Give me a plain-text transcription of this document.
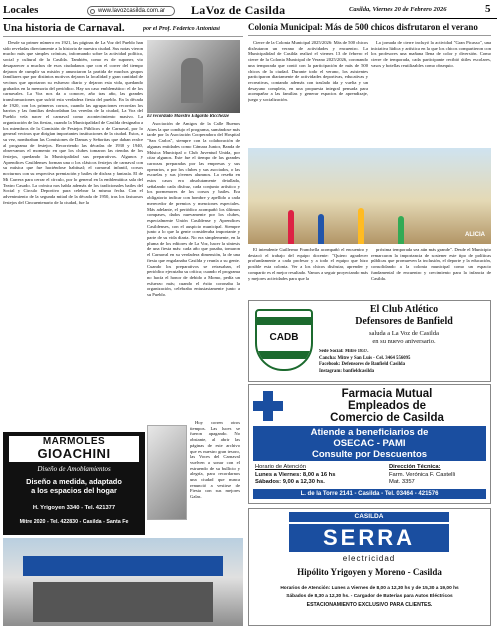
Locales	www.lavozcasilda.com.ar	LaVoz de Casilda	Casilda, Viernes 20 de Febrero 2026	5
Una historia de Carnaval.	por el Prof. Federico Antoniasi

Desde su primer número en 1921, las páginas de La Voz del Pueblo han sido reveladas directamente a la historia de nuestra ciudad. Sus notas vieron mucho más que simples crónicas, informando sobre la actividad política, social y cultural de la Casilda. También, como es de suponer, vio desaparecer a muchos de esos ciudadanos que con el correr del tiempo dejaron de cumplir su misión y anunciaron la partida de muchos grupos familiares que por distintos motivos dejaron la localidad y gran cantidad de vecinos que aportaron su esfuerzo diario y dejaron esta vida, quedando grabados en la memoria del periódico. Hay un caso emblemático: el de los carnavales. La Voz nos da a conocer, año tras año, las grandes transformaciones que sufrió esta verdadera fiesta del pueblo. En la década de 1920, con los primeros corsos, cuando las agrupaciones recorrían los barrios y las familias desbordaban las veredas de la ciudad, La Voz del Pueblo veía nacer el carnaval como acontecimiento masivo. La organización de las fiestas, cuando la Municipalidad de Casilda designaba a los miembros de la Comisión de Festejos Públicos o de Carnaval, por lo general vecinos que dirigían importantes instituciones de la ciudad. Estos, a su vez, nombraban las Comisiones de Damas y Señoritas que daban realce al programa de festejos. Recorriendo las décadas de 1930 y 1940, observamos el momento en que los clubes tomaron las riendas de los festejos, quedando la Municipalidad sus preparativos. Algunos y Aprendices Casildenses forman una o los clásicos festejos de carnaval con su música que fue haciéndose habitual; el carnaval infantil, corsos nocturnos con su respectiva premiación y bailes de disfraz y fantasía. El de Mi Carrera para cerrar el círculo, por lo general en la emblemática sala del Teatro Casado. La crónica nos habla además de los tradicionales bailes del Social y Circulo Deportivo para celebrar la misma fecha. Con el advenimiento de la segunda mitad de la década de 1950, tras los fastuosos festejos del Cincuentenario de la ciudad, fue la

El recordado Maestro Edgardo Ricchezze

Asociación de Amigos de la Calle Buenos Aires la que condujo el programa, sumándose más tarde por la Asociación Cooperadora del Hospital "San Carlos", siempre con la colaboración de algunas entidades como Cámara Junior, Banda de Música Municipal o Club Juventud Unida, por citar algunos. Este fue el tiempo de las grandes carrozas preparadas por las empresas y sus operarios, o por los clubes y sus asociados, o las escuelas y sus jóvenes alumnos. La reseña en estos casos era absolutamente detallada, señalando cada disfraz, cada conjunto artístico y los pormenores de los corsos y bailes. Era obligatorio indicar con hombre y apellido a cada merecedor de premios y menciones especiales. Más adelante, el periódico acompañó los últimos compases, dados nuevamente por los clubes, especialmente Unión Casildense y Aprendices Casildenses, con el auspicio municipal. Siempre junto a lo que la gente consideraba importante y parte de su vida diaria. No era simplemente, en la pluma de los editores de La Voz, hacer la síntesis de una fiesta más: cada año que pasaba, tomaron el Carnaval en su verdadera dimensión, la de una fiesta que engalanaba Casilda y reunía a su gente. Cuando los preparativos se retrasaban, el periódico ejecutaba su crítica; cuando el programa no hacía el honor de debido a Momo, pedía un esfuerzo más; cuando el éxito coronaba la organización, celebraba entusiastamente junto a su Pueblo.

Hoy corren otros tiempos. Las luces se fueron apagando. No obstante, al abrir las páginas de este archivo que es nuestro gran tesoro, las Voces del Carnaval vuelven a sonar con el estruendo de su bullicio y alegría, para recordarnos una ciudad que nunca renunció a vestirse de Fiesta con sus mejores Galas.

Colonia Municipal: Más de 500 chicos disfrutaron el verano

Cierre de la Colonia Municipal 2025/2026: Más de 500 chicos disfrutaron un verano de actividades y encuentro. La Municipalidad de Casilda realizó el viernes 13 de febrero el cierre de la Colonia Municipal de Verano 2025/2026, coronando una temporada que contó con la participación de más de 500 chicos de la ciudad. Durante todo el verano, los asistentes participaron diariamente de actividades deportivas, educativas y recreativas, contando además con traslado ida y vuelta y un desayuno completo, en una propuesta integral pensada para acompañar a las familias y generar espacios de aprendizaje, juego y socialización.

La jornada de cierre incluyó la actividad "Gran Picasso", una iniciativa lúdica y artística en la que los chicos compartieron con los profesores una mañana llena de color y diversión. Como cierre de temporada, cada participante recibió útiles escolares, vasos y botellas reutilizables como obsequio.

ALICIA

El intendente Guillermo Franchella acompañó el encuentro y destacó el trabajo del equipo docente: "Quiero agradecer profundamente a cada profesor y a todo el equipo que hizo posible esta colonia. Ver a los chicos disfrutar, aprender y compartir es el mejor resultado. Vamos a seguir proyectando más y mejores actividades para que la

próxima temporada sea aún más grande". Desde el Municipio remarcaron la importancia de sostener este tipo de políticas públicas que promueven la inclusión, el deporte y la educación, consolidando a la colonia municipal como un espacio fundamental de encuentro y crecimiento para la infancia de Casilda.

CADB
El Club Atlético
Defensores de Banfield
saluda a La Voz de Casilda
en su nuevo aniversario.
Sede Social: Mitre 1837.
Cancha: Mitre y San Luis - Cel. 3464 556095
Facebook: Defensores de Banfield Casilda
Instagram: banfieldcasilda
MARMOLES
GIOACHINI
Diseño de Amoblamientos
Diseño a medida, adaptado
a los espacios del hogar
H. Yrigoyen 3340 - Tel. 421377
Mitre 2020 - Tel. 422830 - Casilda - Santa Fe
Farmacia Mutual
Empleados de
Comercio de Casilda
Atiende a beneficiarios de
OSECAC - PAMI
Consulte por Descuentos
Horario de Atención
Lunes a Viernes: 8,00 a 16 hs
Sábados: 9,00 a 12,30 hs.
Dirección Técnica:
Farm. Verónica F. Castelli
Mat. 3357
L. de la Torre 2141 - Casilda - Tel. 03464 - 421576
CASILDA
SERRA
electricidad
Hipólito Yrigoyen y Moreno - Casilda
Horarios de Atención: Lunes a Viernes de 8,00 a 12,30 hs y de 15,30 a 19,00 hs
Sábados de 8,30 a 12,30 hs. - Cargador de Baterías para Autos Eléctricos
ESTACIONAMIENTO EXCLUSIVO PARA CLIENTES.
